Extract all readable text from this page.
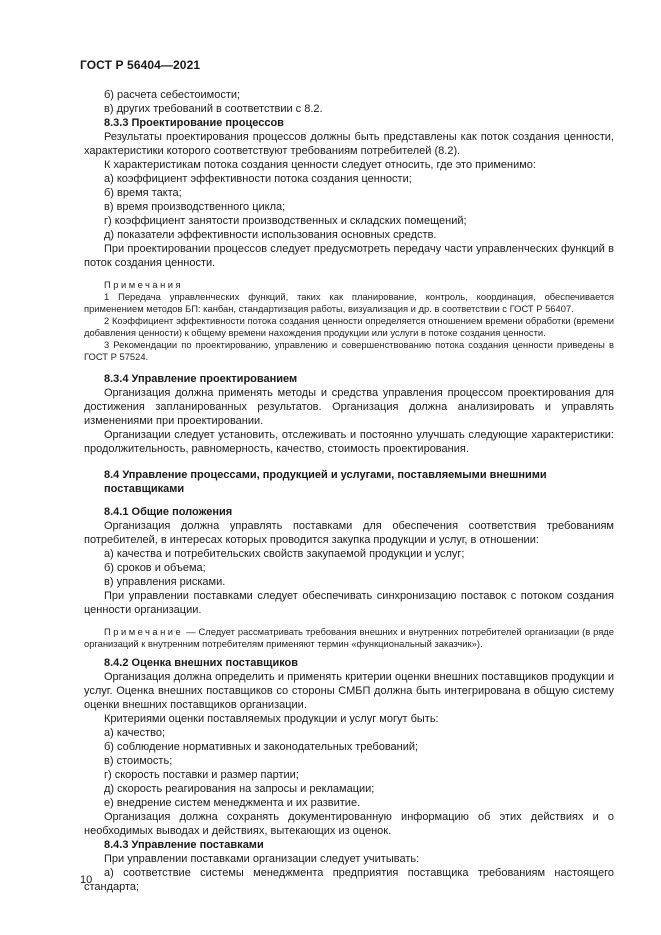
ГОСТ Р 56404—2021

б) расчета себестоимости;

в) других требований в соответствии с 8.2.

8.3.3 Проектирование процессов

Результаты проектирования процессов должны быть представлены как поток создания ценности, характеристики которого соответствуют требованиям потребителей (8.2).

К характеристикам потока создания ценности следует относить, где это применимо:

а) коэффициент эффективности потока создания ценности;

б) время такта;

в) время производственного цикла;

г) коэффициент занятости производственных и складских помещений;

д) показатели эффективности использования основных средств.

При проектировании процессов следует предусмотреть передачу части управленческих функций в поток создания ценности.

Примечания

1 Передача управленческих функций, таких как планирование, контроль, координация, обеспечивается применением методов БП: канбан, стандартизация работы, визуализация и др. в соответствии с ГОСТ Р 56407.

2 Коэффициент эффективности потока создания ценности определяется отношением времени обработки (времени добавления ценности) к общему времени нахождения продукции или услуги в потоке создания ценности.

3 Рекомендации по проектированию, управлению и совершенствованию потока создания ценности приведены в ГОСТ Р 57524.

8.3.4 Управление проектированием

Организация должна применять методы и средства управления процессом проектирования для достижения запланированных результатов. Организация должна анализировать и управлять изменениями при проектировании.

Организации следует установить, отслеживать и постоянно улучшать следующие характеристики: продолжительность, равномерность, качество, стоимость проектирования.

8.4 Управление процессами, продукцией и услугами, поставляемыми внешними поставщиками

8.4.1 Общие положения

Организация должна управлять поставками для обеспечения соответствия требованиям потребителей, в интересах которых проводится закупка продукции и услуг, в отношении:

а) качества и потребительских свойств закупаемой продукции и услуг;

б) сроков и объема;

в) управления рисками.

При управлении поставками следует обеспечивать синхронизацию поставок с потоком создания ценности организации.

Примечание — Следует рассматривать требования внешних и внутренних потребителей организации (в ряде организаций к внутренним потребителям применяют термин «функциональный заказчик»).

8.4.2 Оценка внешних поставщиков

Организация должна определить и применять критерии оценки внешних поставщиков продукции и услуг. Оценка внешних поставщиков со стороны СМБП должна быть интегрирована в общую систему оценки внешних поставщиков организации.

Критериями оценки поставляемых продукции и услуг могут быть:

а) качество;

б) соблюдение нормативных и законодательных требований;

в) стоимость;

г) скорость поставки и размер партии;

д) скорость реагирования на запросы и рекламации;

е) внедрение систем менеджмента и их развитие.

Организация должна сохранять документированную информацию об этих действиях и о необходимых выводах и действиях, вытекающих из оценок.

8.4.3 Управление поставками

При управлении поставками организации следует учитывать:

а) соответствие системы менеджмента предприятия поставщика требованиям настоящего стандарта;

10
